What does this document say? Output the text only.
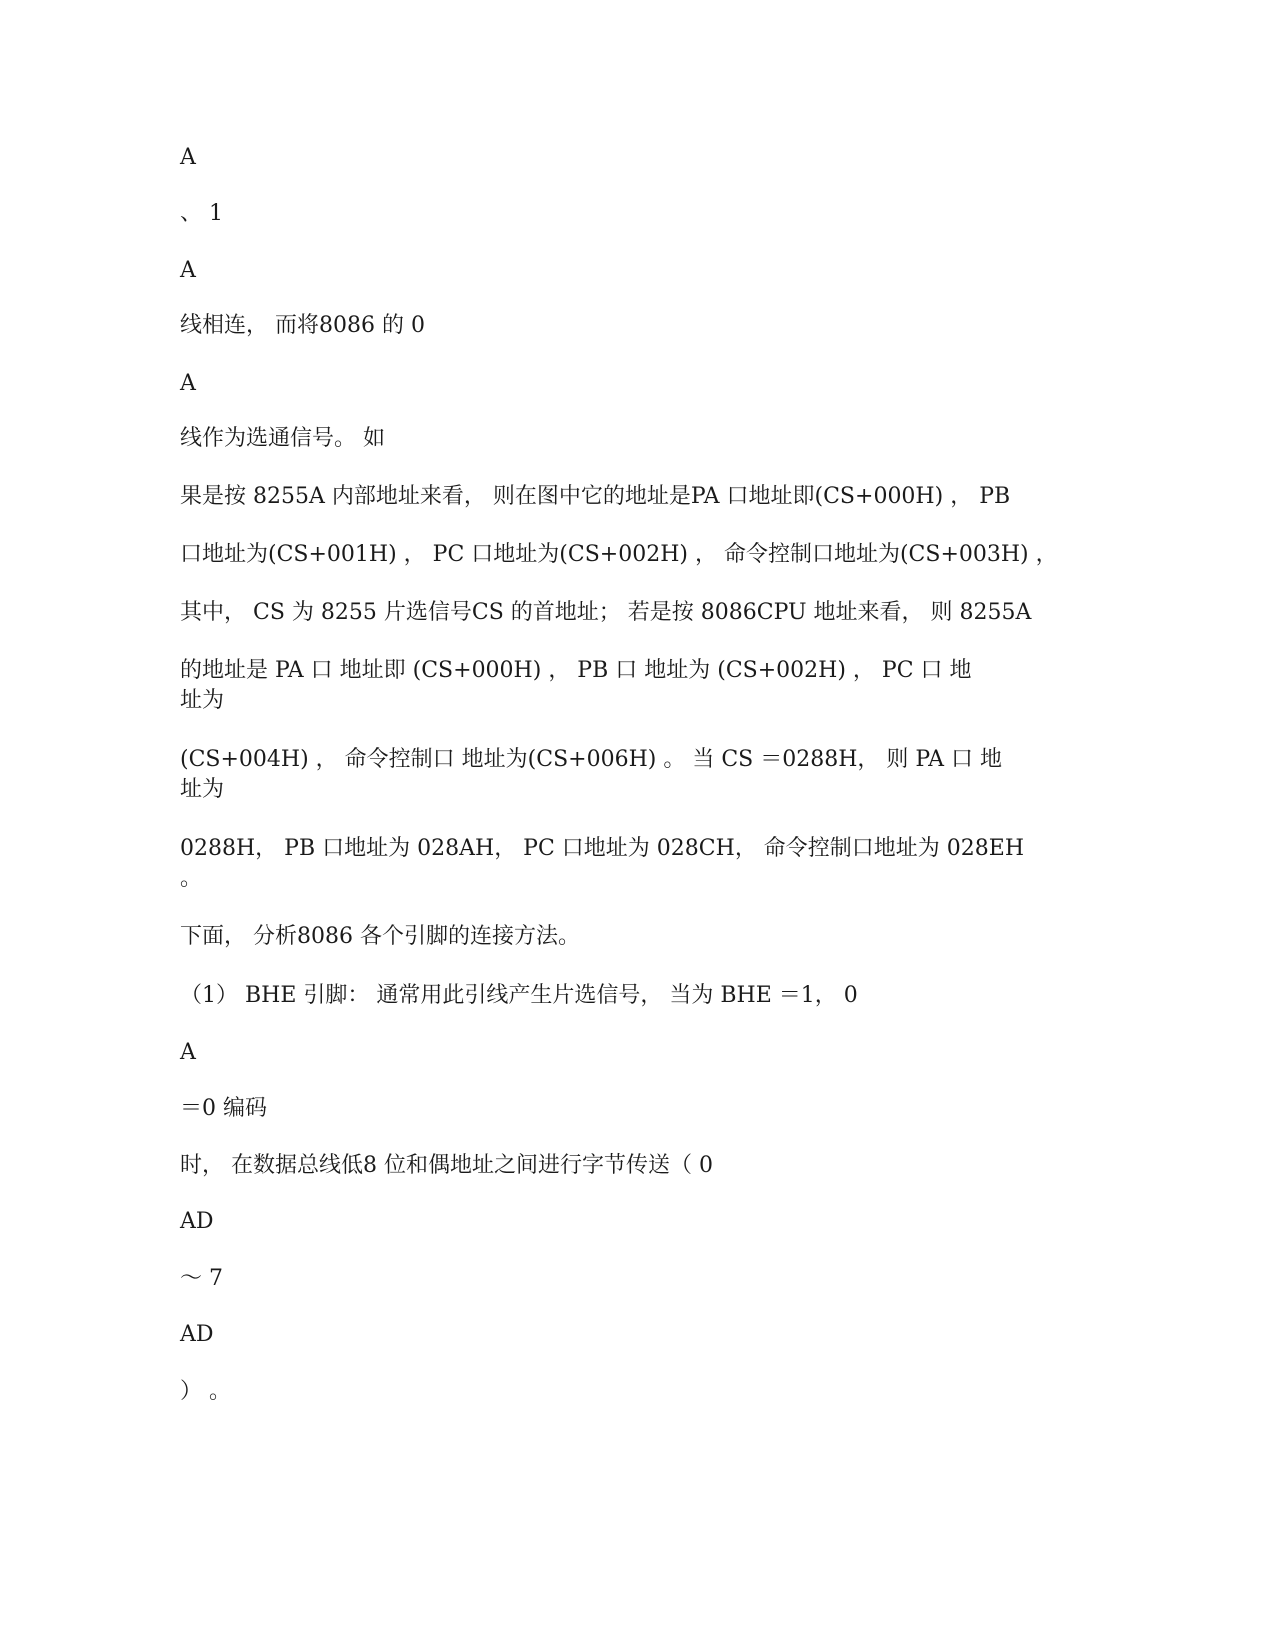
A
、 1
A
线相连， 而将8086 的 0
A
线作为选通信号。 如
果是按 8255A 内部地址来看， 则在图中它的地址是PA 口地址即(CS+000H) ， PB
口地址为(CS+001H) ， PC 口地址为(CS+002H) ， 命令控制口地址为(CS+003H) ，
其中， CS 为 8255 片选信号CS 的首地址； 若是按 8086CPU 地址来看， 则 8255A
的地址是 PA 口 地址即 (CS+000H) ， PB 口 地址为 (CS+002H) ， PC 口 地
址为
(CS+004H) ， 命令控制口 地址为(CS+006H) 。 当 CS ＝0288H， 则 PA 口 地
址为
0288H， PB 口地址为 028AH， PC 口地址为 028CH， 命令控制口地址为 028EH
。
下面， 分析8086 各个引脚的连接方法。
（1） BHE 引脚： 通常用此引线产生片选信号， 当为 BHE ＝1， 0
A
＝0 编码
时， 在数据总线低8 位和偶地址之间进行字节传送（ 0
AD
～ 7
AD
） 。
